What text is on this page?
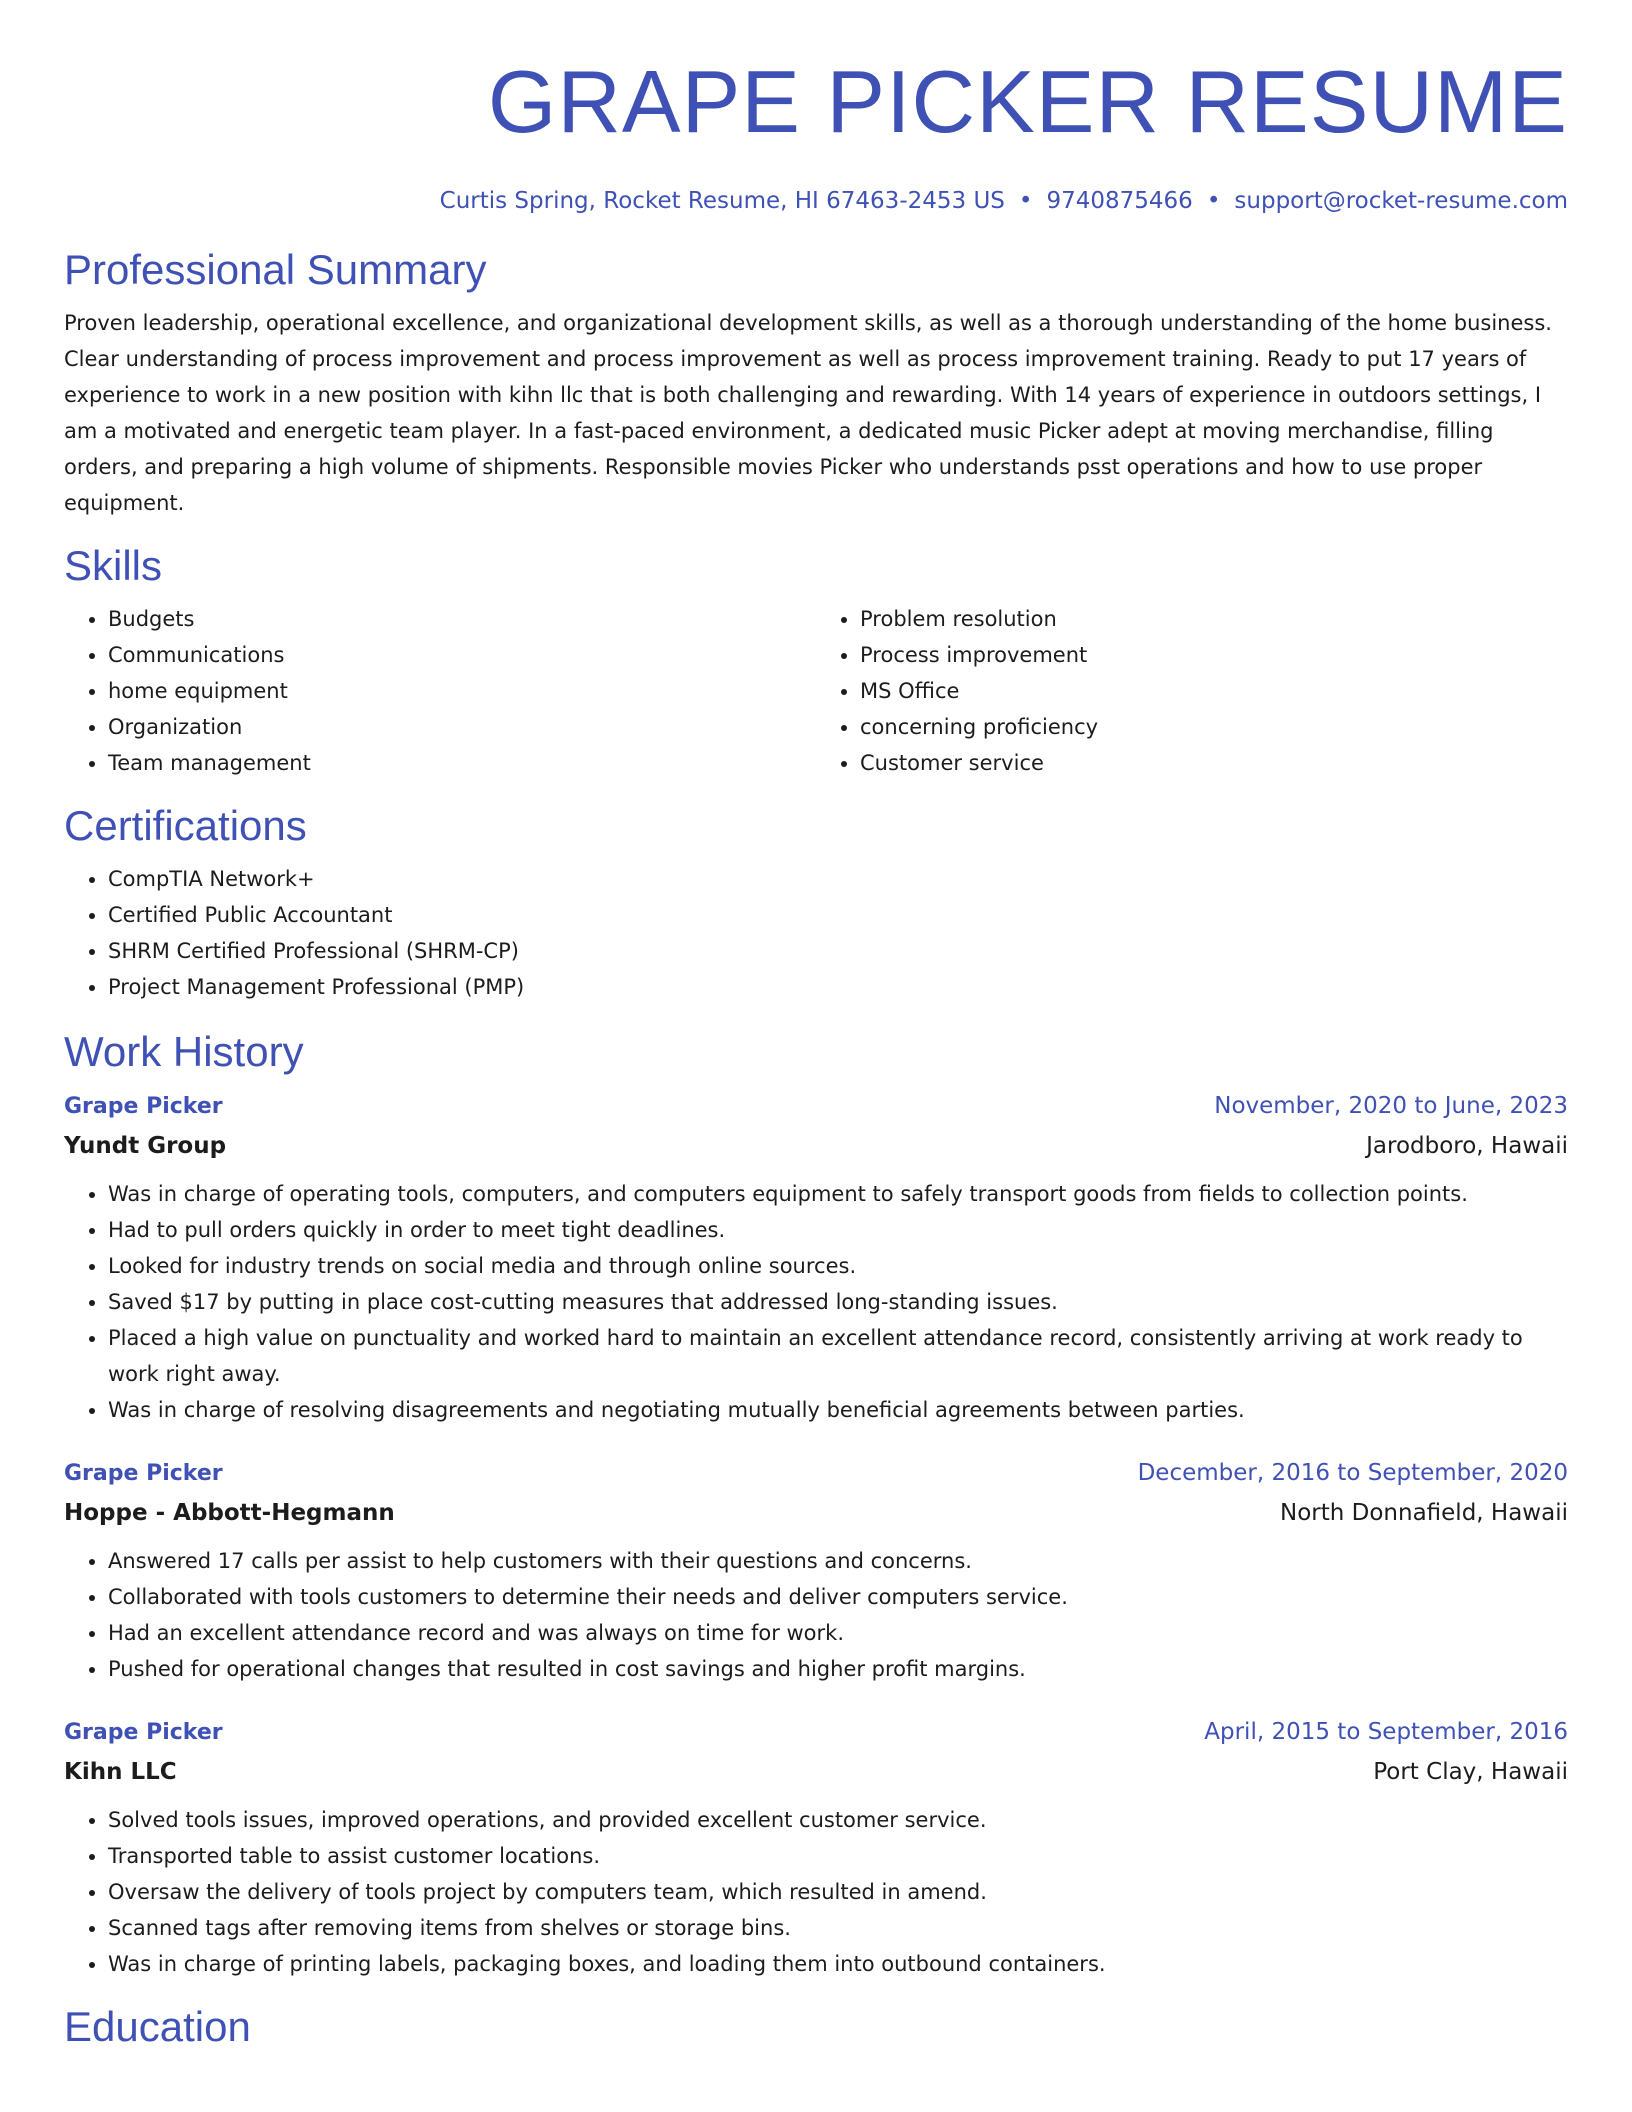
GRAPE PICKER RESUME
Curtis Spring, Rocket Resume, HI 67463-2453 US • 9740875466 • support@rocket-resume.com
Professional Summary

Proven leadership, operational excellence, and organizational development skills, as well as a thorough understanding of the home business. Clear understanding of process improvement and process improvement as well as process improvement training. Ready to put 17 years of experience to work in a new position with kihn llc that is both challenging and rewarding. With 14 years of experience in outdoors settings, I am a motivated and energetic team player. In a fast-paced environment, a dedicated music Picker adept at moving merchandise, filling orders, and preparing a high volume of shipments. Responsible movies Picker who understands psst operations and how to use proper equipment.

Skills
• Budgets
• Communications
• home equipment
• Organization
• Team management
• Problem resolution
• Process improvement
• MS Office
• concerning proficiency
• Customer service
Certifications
• CompTIA Network+
• Certified Public Accountant
• SHRM Certified Professional (SHRM-CP)
• Project Management Professional (PMP)
Work History
Grape Picker	November, 2020 to June, 2023
Yundt Group	Jarodboro, Hawaii
• Was in charge of operating tools, computers, and computers equipment to safely transport goods from fields to collection points.
• Had to pull orders quickly in order to meet tight deadlines.
• Looked for industry trends on social media and through online sources.
• Saved $17 by putting in place cost-cutting measures that addressed long-standing issues.
• Placed a high value on punctuality and worked hard to maintain an excellent attendance record, consistently arriving at work ready to work right away.
• Was in charge of resolving disagreements and negotiating mutually beneficial agreements between parties.
Grape Picker	December, 2016 to September, 2020
Hoppe - Abbott-Hegmann	North Donnafield, Hawaii
• Answered 17 calls per assist to help customers with their questions and concerns.
• Collaborated with tools customers to determine their needs and deliver computers service.
• Had an excellent attendance record and was always on time for work.
• Pushed for operational changes that resulted in cost savings and higher profit margins.
Grape Picker	April, 2015 to September, 2016
Kihn LLC	Port Clay, Hawaii
• Solved tools issues, improved operations, and provided excellent customer service.
• Transported table to assist customer locations.
• Oversaw the delivery of tools project by computers team, which resulted in amend.
• Scanned tags after removing items from shelves or storage bins.
• Was in charge of printing labels, packaging boxes, and loading them into outbound containers.
Education
